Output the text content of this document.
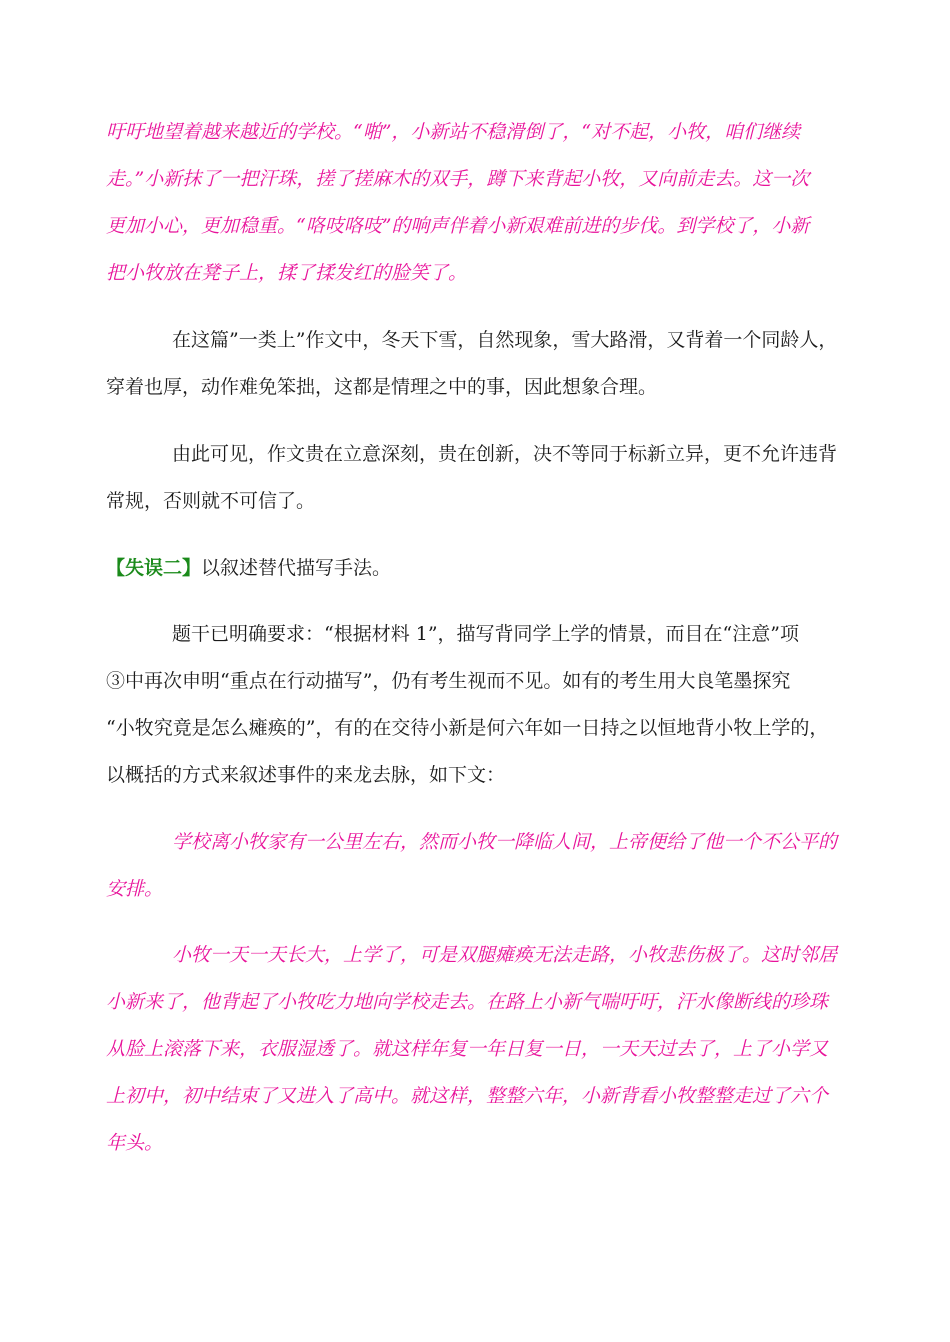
吁吁地望着越来越近的学校。“啪”，小新站不稳滑倒了，“对不起，小牧，咱们继续
走。”小新抹了一把汗珠，搓了搓麻木的双手，蹲下来背起小牧，又向前走去。这一次
更加小心，更加稳重。“咯吱咯吱”的响声伴着小新艰难前进的步伐。到学校了，小新
把小牧放在凳子上，揉了揉发红的脸笑了。
在这篇”一类上”作文中，冬天下雪，自然现象，雪大路滑，又背着一个同龄人，
穿着也厚，动作难免笨拙，这都是情理之中的事，因此想象合理。
由此可见，作文贵在立意深刻，贵在创新，决不等同于标新立异，更不允许违背
常规，否则就不可信了。
【失误二】以叙述替代描写手法。
题干已明确要求：“根据材料 1”，描写背同学上学的情景，而目在“注意”项
③中再次申明“重点在行动描写”，仍有考生视而不见。如有的考生用大良笔墨探究
“小牧究竟是怎么瘫痪的”，有的在交待小新是何六年如一日持之以恒地背小牧上学的，
以概括的方式来叙述事件的来龙去脉，如下文：
学校离小牧家有一公里左右，然而小牧一降临人间，上帝便给了他一个不公平的
安排。
小牧一天一天长大，上学了，可是双腿瘫痪无法走路，小牧悲伤极了。这时邻居
小新来了，他背起了小牧吃力地向学校走去。在路上小新气喘吁吁，汗水像断线的珍珠
从脸上滚落下来，衣服湿透了。就这样年复一年日复一日，一天天过去了，上了小学又
上初中，初中结束了又进入了高中。就这样，整整六年，小新背看小牧整整走过了六个
年头。
